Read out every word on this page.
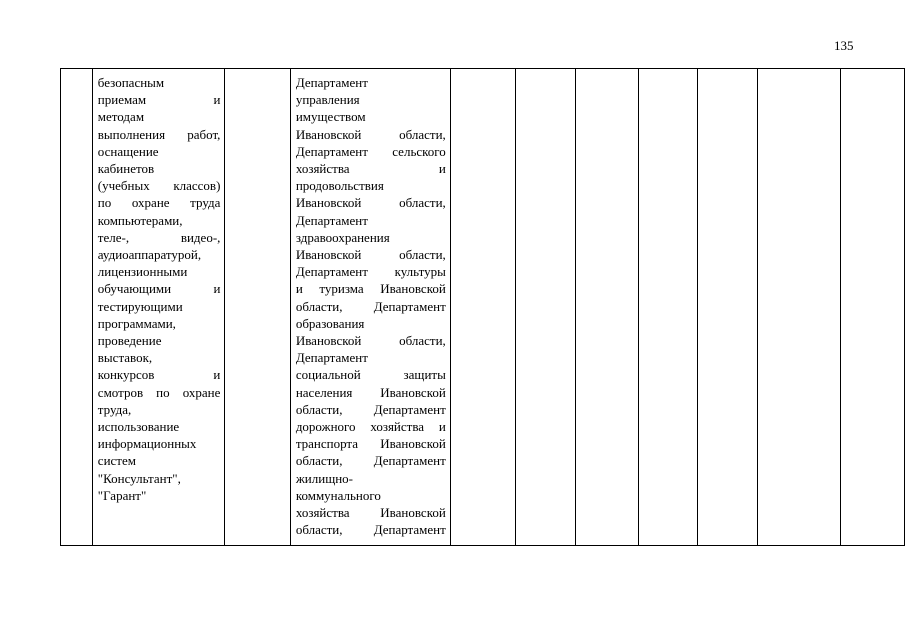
135

безопасным
приемам и
методам
выполнения работ,
оснащение
кабинетов
(учебных классов)
по охране труда
компьютерами,
теле-, видео-,
аудиоаппаратурой,
лицензионными
обучающими и
тестирующими
программами,
проведение
выставок,
конкурсов и
смотров по охране
труда,
использование
информационных
систем
"Консультант",
"Гарант"

Департамент
управления
имуществом
Ивановской области,
Департамент сельского
хозяйства и
продовольствия
Ивановской области,
Департамент
здравоохранения
Ивановской области,
Департамент культуры
и туризма Ивановской
области, Департамент
образования
Ивановской области,
Департамент
социальной защиты
населения Ивановской
области, Департамент
дорожного хозяйства и
транспорта Ивановской
области, Департамент
жилищно-
коммунального
хозяйства Ивановской
области, Департамент
